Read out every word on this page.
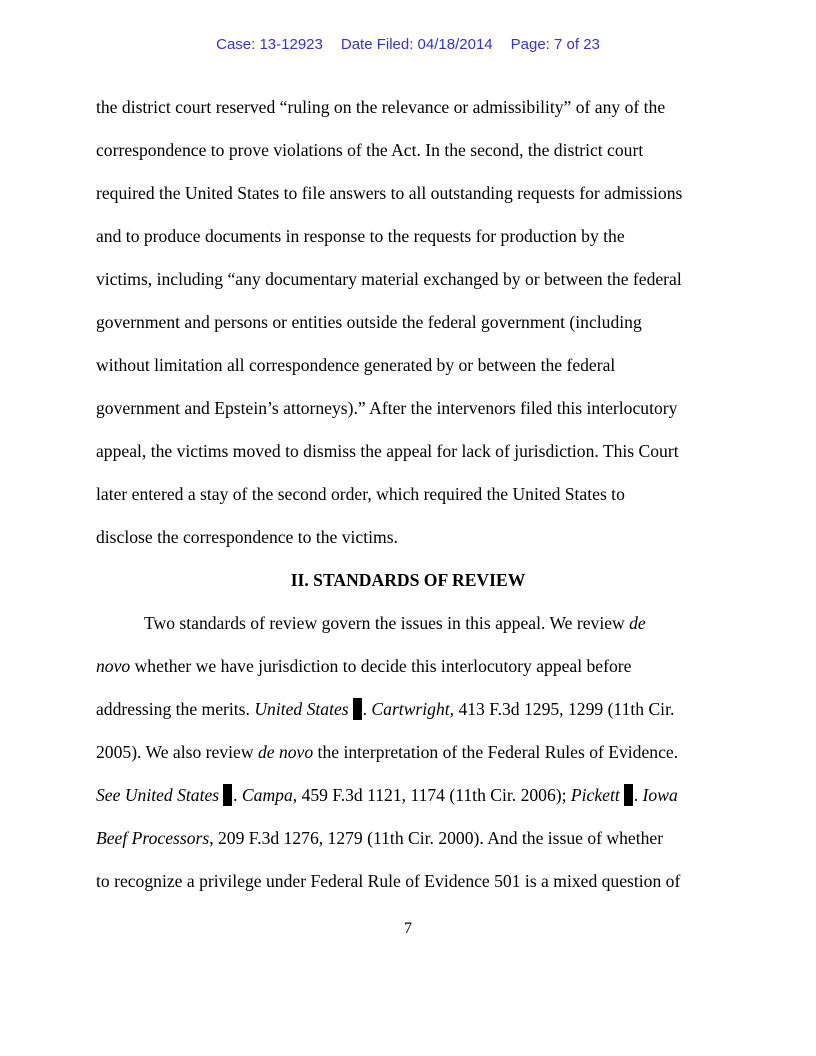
Case: 13-12923 Date Filed: 04/18/2014 Page: 7 of 23
the district court reserved “ruling on the relevance or admissibility” of any of the
correspondence to prove violations of the Act. In the second, the district court
required the United States to file answers to all outstanding requests for admissions
and to produce documents in response to the requests for production by the
victims, including “any documentary material exchanged by or between the federal
government and persons or entities outside the federal government (including
without limitation all correspondence generated by or between the federal
government and Epstein’s attorneys).” After the intervenors filed this interlocutory
appeal, the victims moved to dismiss the appeal for lack of jurisdiction. This Court
later entered a stay of the second order, which required the United States to
disclose the correspondence to the victims.
II. STANDARDS OF REVIEW
Two standards of review govern the issues in this appeal. We review de
novo whether we have jurisdiction to decide this interlocutory appeal before
addressing the merits. United States . Cartwright, 413 F.3d 1295, 1299 (11th Cir.
2005). We also review de novo the interpretation of the Federal Rules of Evidence.
See United States . Campa, 459 F.3d 1121, 1174 (11th Cir. 2006); Pickett . Iowa
Beef Processors, 209 F.3d 1276, 1279 (11th Cir. 2000). And the issue of whether
to recognize a privilege under Federal Rule of Evidence 501 is a mixed question of
7
